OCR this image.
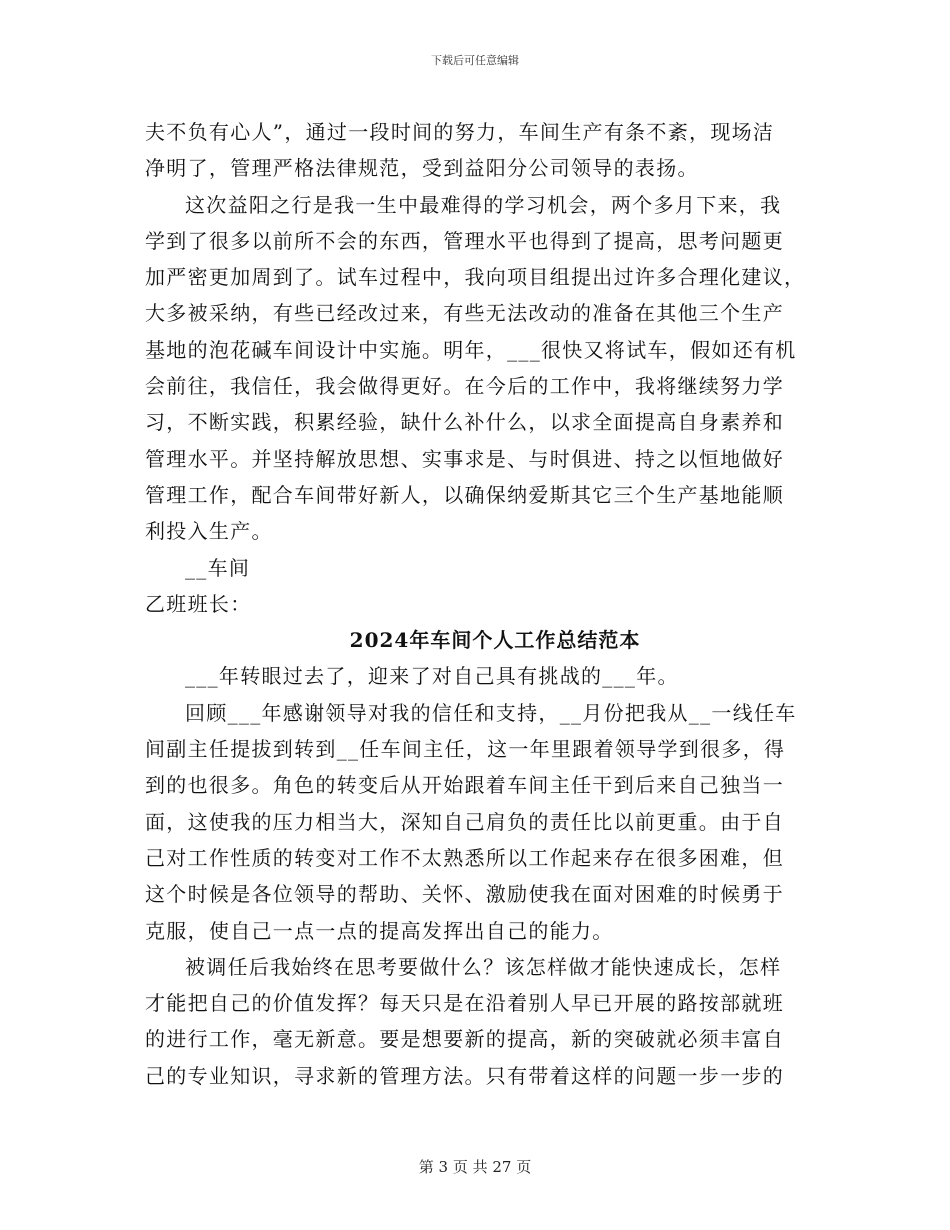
下载后可任意编辑
夫不负有心人”，通过一段时间的努力，车间生产有条不紊，现场洁
净明了，管理严格法律规范，受到益阳分公司领导的表扬。
这次益阳之行是我一生中最难得的学习机会，两个多月下来，我
学到了很多以前所不会的东西，管理水平也得到了提高，思考问题更
加严密更加周到了。试车过程中，我向项目组提出过许多合理化建议，
大多被采纳，有些已经改过来，有些无法改动的准备在其他三个生产
基地的泡花碱车间设计中实施。明年，___很快又将试车，假如还有机
会前往，我信任，我会做得更好。在今后的工作中，我将继续努力学
习，不断实践，积累经验，缺什么补什么，以求全面提高自身素养和
管理水平。并坚持解放思想、实事求是、与时俱进、持之以恒地做好
管理工作，配合车间带好新人，以确保纳爱斯其它三个生产基地能顺
利投入生产。
__车间
乙班班长：
2024年车间个人工作总结范本
___年转眼过去了，迎来了对自己具有挑战的___年。
回顾___年感谢领导对我的信任和支持，__月份把我从__一线任车
间副主任提拔到转到__任车间主任，这一年里跟着领导学到很多，得
到的也很多。角色的转变后从开始跟着车间主任干到后来自己独当一
面，这使我的压力相当大，深知自己肩负的责任比以前更重。由于自
己对工作性质的转变对工作不太熟悉所以工作起来存在很多困难，但
这个时候是各位领导的帮助、关怀、激励使我在面对困难的时候勇于
克服，使自己一点一点的提高发挥出自己的能力。
被调任后我始终在思考要做什么？该怎样做才能快速成长，怎样
才能把自己的价值发挥？每天只是在沿着别人早已开展的路按部就班
的进行工作，毫无新意。要是想要新的提高，新的突破就必须丰富自
己的专业知识，寻求新的管理方法。只有带着这样的问题一步一步的
第 3 页 共 27 页
